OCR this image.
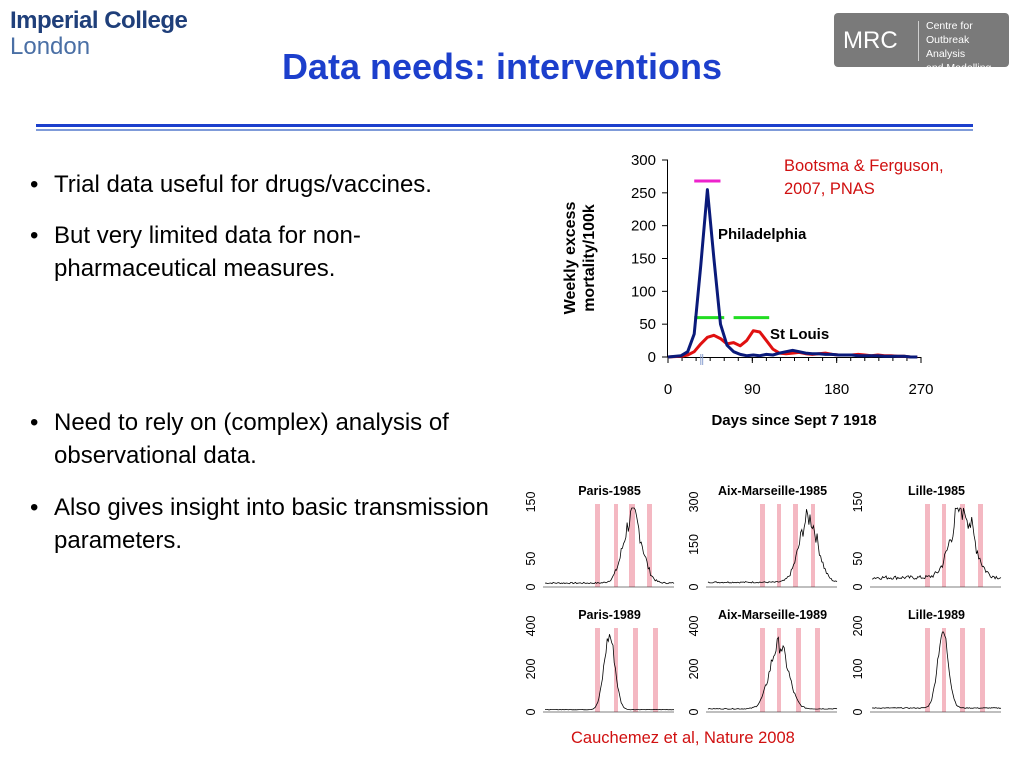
Imperial College
London	MRC
Centre for
Outbreak Analysis
and Modelling
Data needs: interventions
• Trial data useful for drugs/vaccines.
• But very limited data for non-pharmaceutical measures.
• Need to rely on (complex) analysis of observational data.
• Also gives insight into basic transmission parameters.
Bootsma & Ferguson,
2007, PNAS
0
50
100
150
200
250
300
0	90	180	270
Weekly excess mortality/100k
Days since Sept 7 1918
Philadelphia
St Louis
Paris-1985
0
50
150
Aix-Marseille-1985
0
150
300
Lille-1985
0
50
150
Paris-1989
0
200
400
Aix-Marseille-1989
0
200
400
Lille-1989
0
100
200
Cauchemez et al, Nature 2008
